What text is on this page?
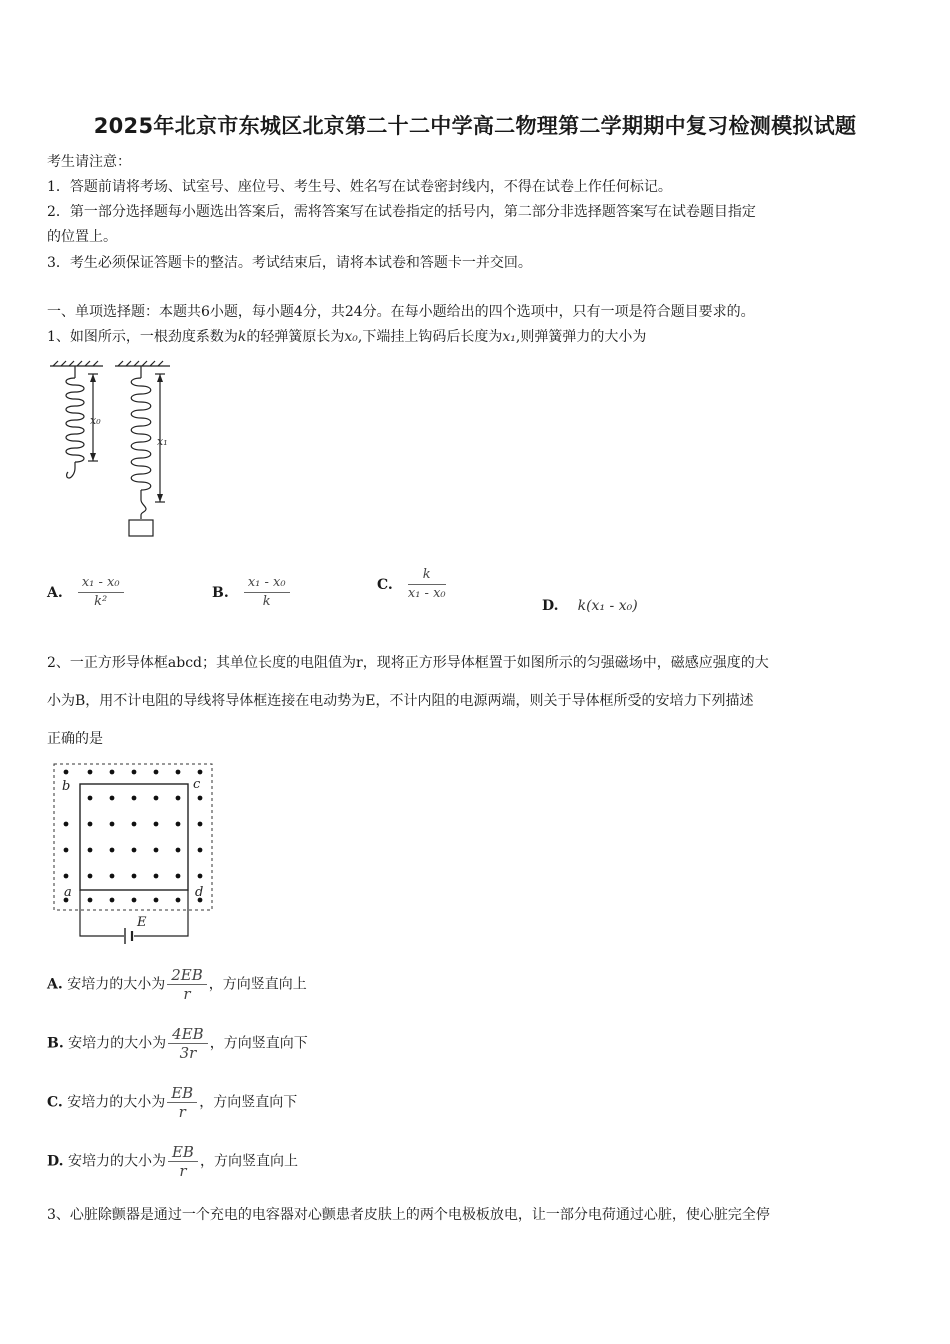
2025年北京市东城区北京第二十二中学高二物理第二学期期中复习检测模拟试题
考生请注意：
1．答题前请将考场、试室号、座位号、考生号、姓名写在试卷密封线内，不得在试卷上作任何标记。
2．第一部分选择题每小题选出答案后，需将答案写在试卷指定的括号内，第二部分非选择题答案写在试卷题目指定
的位置上。
3．考生必须保证答题卡的整洁。考试结束后，请将本试卷和答题卡一并交回。
一、单项选择题：本题共6小题，每小题4分，共24分。在每小题给出的四个选项中，只有一项是符合题目要求的。
1、如图所示，一根劲度系数为k的轻弹簧原长为x₀,下端挂上钩码后长度为x₁,则弹簧弹力的大小为
x₀
x₁
A. $\frac{\text{x₁ - x₀}}{\text{k²}}$	B. $\frac{\text{x₁ - x₀}}{k}$	C. $\frac{k}{\text{x₁ - x₀}}$
D. k(x₁ - x₀)
2、一正方形导体框abcd；其单位长度的电阻值为r，现将正方形导体框置于如图所示的匀强磁场中，磁感应强度的大
小为B，用不计电阻的导线将导体框连接在电动势为E，不计内阻的电源两端，则关于导体框所受的安培力下列描述
正确的是
b	c
a	d
E
A. 安培力的大小为 $\frac{2EB}{r}$ ，方向竖直向上
B. 安培力的大小为 $\frac{4EB}{3r}$ ，方向竖直向下
C. 安培力的大小为 $\frac{EB}{r}$ ，方向竖直向下
D. 安培力的大小为 $\frac{EB}{r}$ ，方向竖直向上
3、心脏除颤器是通过一个充电的电容器对心颤患者皮肤上的两个电极板放电，让一部分电荷通过心脏，使心脏完全停
